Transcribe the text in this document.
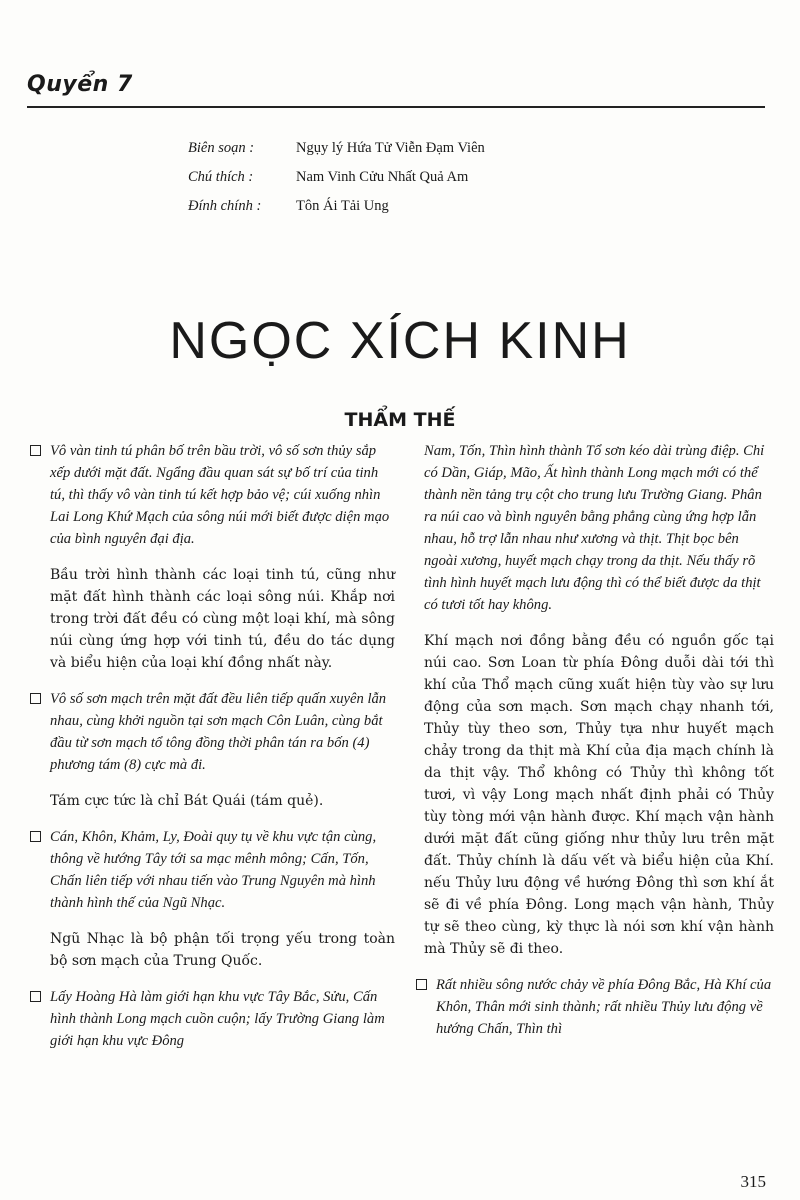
Quyển 7
Biên soạn :	Ngụy lý Hứa Tử Viễn Đạm Viên
Chú thích :	Nam Vinh Cửu Nhất Quả Am
Đính chính :	Tôn Ái Tải Ung
NGỌC XÍCH KINH
THẨM THẾ
Vô vàn tinh tú phân bố trên bầu trời, vô số sơn thủy sắp xếp dưới mặt đất. Ngẩng đầu quan sát sự bố trí của tinh tú, thì thấy vô vàn tinh tú kết hợp bảo vệ; cúi xuống nhìn Lai Long Khứ Mạch của sông núi mới biết được diện mạo của bình nguyên đại địa.
Bầu trời hình thành các loại tinh tú, cũng như mặt đất hình thành các loại sông núi. Khắp nơi trong trời đất đều có cùng một loại khí, mà sông núi cùng ứng hợp với tinh tú, đều do tác dụng và biểu hiện của loại khí đồng nhất này.
Vô số sơn mạch trên mặt đất đều liên tiếp quấn xuyên lẫn nhau, cùng khởi nguồn tại sơn mạch Côn Luân, cùng bắt đầu từ sơn mạch tổ tông đồng thời phân tán ra bốn (4) phương tám (8) cực mà đi.
Tám cực tức là chỉ Bát Quái (tám quẻ).
Cán, Khôn, Khảm, Ly, Đoài quy tụ về khu vực tận cùng, thông về hướng Tây tới sa mạc mênh mông; Cấn, Tốn, Chấn liên tiếp với nhau tiến vào Trung Nguyên mà hình thành hình thế của Ngũ Nhạc.
Ngũ Nhạc là bộ phận tối trọng yếu trong toàn bộ sơn mạch của Trung Quốc.
Lấy Hoàng Hà làm giới hạn khu vực Tây Bắc, Sửu, Cấn hình thành Long mạch cuồn cuộn; lấy Trường Giang làm giới hạn khu vực Đông
Nam, Tốn, Thìn hình thành Tổ sơn kéo dài trùng điệp. Chỉ có Dần, Giáp, Mão, Ất hình thành Long mạch mới có thể thành nền tảng trụ cột cho trung lưu Trường Giang. Phân ra núi cao và bình nguyên bằng phẳng cùng ứng hợp lẫn nhau, hỗ trợ lẫn nhau như xương và thịt. Thịt bọc bên ngoài xương, huyết mạch chạy trong da thịt. Nếu thấy rõ tình hình huyết mạch lưu động thì có thể biết được da thịt có tươi tốt hay không.
Khí mạch nơi đồng bằng đều có nguồn gốc tại núi cao. Sơn Loan từ phía Đông duỗi dài tới thì khí của Thổ mạch cũng xuất hiện tùy vào sự lưu động của sơn mạch. Sơn mạch chạy nhanh tới, Thủy tùy theo sơn, Thủy tựa như huyết mạch chảy trong da thịt mà Khí của địa mạch chính là da thịt vậy. Thổ không có Thủy thì không tốt tươi, vì vậy Long mạch nhất định phải có Thủy tùy tòng mới vận hành được. Khí mạch vận hành dưới mặt đất cũng giống như thủy lưu trên mặt đất. Thủy chính là dấu vết và biểu hiện của Khí. nếu Thủy lưu động về hướng Đông thì sơn khí ắt sẽ đi về phía Đông. Long mạch vận hành, Thủy tự sẽ theo cùng, kỳ thực là nói sơn khí vận hành mà Thủy sẽ đi theo.
Rất nhiều sông nước chảy về phía Đông Bắc, Hà Khí của Khôn, Thân mới sinh thành; rất nhiều Thủy lưu động về hướng Chấn, Thìn thì
315
